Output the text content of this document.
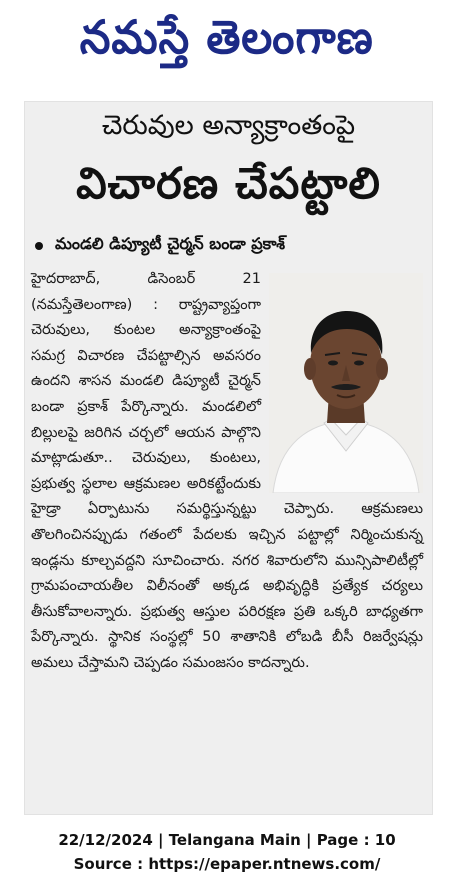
నమస్తే తెలంగాణ
చెరువుల అన్యాక్రాంతంపై
విచారణ చేపట్టాలి
మండలి డిప్యూటీ చైర్మన్ బండా ప్రకాశ్

హైదరాబాద్, డిసెంబర్ 21 (నమస్తేతెలంగాణ) : రాష్ట్రవ్యాప్తంగా చెరువులు, కుంటల అన్యాక్రాంతంపై సమగ్ర విచారణ చేపట్టాల్సిన అవసరం ఉందని శాసన మండలి డిప్యూటీ చైర్మన్ బండా ప్రకాశ్ పేర్కొన్నారు. మండలిలో బిల్లులపై జరిగిన చర్చలో ఆయన పాల్గొని మాట్లాడుతూ.. చెరువులు, కుంటలు, ప్రభుత్వ స్థలాల ఆక్రమణల అరికట్టేందుకు హైడ్రా ఏర్పాటును సమర్థిస్తున్నట్టు చెప్పారు. ఆక్రమణలు తొలగించినప్పుడు గతంలో పేదలకు ఇచ్చిన పట్టాల్లో నిర్మించుకున్న ఇండ్లను కూల్చవద్దని సూచించారు. నగర శివారులోని మున్సిపాలిటీల్లో గ్రామపంచాయతీల విలీనంతో అక్కడ అభివృద్ధికి ప్రత్యేక చర్యలు తీసుకోవాలన్నారు. ప్రభుత్వ ఆస్తుల పరిరక్షణ ప్రతి ఒక్కరి బాధ్యతగా పేర్కొన్నారు. స్థానిక సంస్థల్లో 50 శాతానికి లోబడి బీసీ రిజర్వేషన్లు అమలు చేస్తామని చెప్పడం సమంజసం కాదన్నారు.

22/12/2024 | Telangana Main | Page : 10
Source : https://epaper.ntnews.com/
